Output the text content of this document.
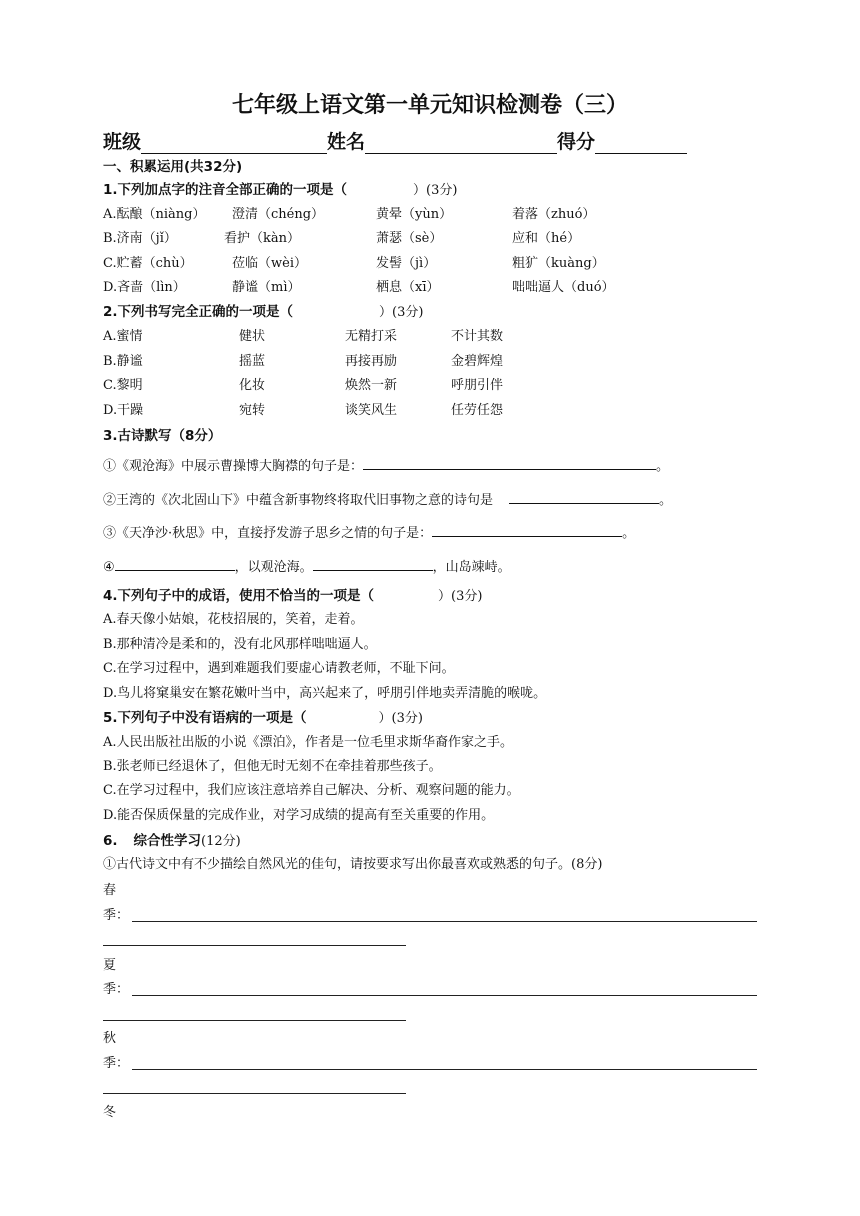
七年级上语文第一单元知识检测卷（三）
班级	姓名	得分
一、积累运用(共32分)
1.下列加点字的注音全部正确的一项是（	）(3分)
A.酝酿（niàng） 澄清（chéng）	黄晕（yùn）	着落（zhuó）
B.济南（jǐ）	看护（kàn）	萧瑟（sè）	应和（hé）
C.贮蓄（chù）	莅临（wèi）	发髻（jì）	粗犷（kuàng）
D.吝啬（lìn）	静谧（mì）	栖息（xī）	咄咄逼人（duó）
2.下列书写完全正确的一项是（	）(3分)
A.蜜情	健状	无精打采	不计其数
B.静谧	摇蓝	再接再励	金碧辉煌
C.黎明	化妆	焕然一新	呼朋引伴
D.干躁	宛转	谈笑风生	任劳任怨
3.古诗默写（8分）
①《观沧海》中展示曹操博大胸襟的句子是：	。
②王湾的《次北固山下》中蕴含新事物终将取代旧事物之意的诗句是	。
③《天净沙·秋思》中，直接抒发游子思乡之情的句子是：	。
④	，以观沧海。	，山岛竦峙。
4.下列句子中的成语，使用不恰当的一项是（	）(3分)
A.春天像小姑娘，花枝招展的，笑着，走着。
B.那种清冷是柔和的，没有北风那样咄咄逼人。
C.在学习过程中，遇到难题我们要虚心请教老师，不耻下问。
D.鸟儿将窠巢安在繁花嫩叶当中，高兴起来了，呼朋引伴地卖弄清脆的喉咙。
5.下列句子中没有语病的一项是（	）(3分)
A.人民出版社出版的小说《漂泊》，作者是一位毛里求斯华裔作家之手。
B.张老师已经退休了，但他无时无刻不在牵挂着那些孩子。
C.在学习过程中，我们应该注意培养自己解决、分析、观察问题的能力。
D.能否保质保量的完成作业，对学习成绩的提高有至关重要的作用。
6. 综合性学习(12分)
①古代诗文中有不少描绘自然风光的佳句，请按要求写出你最喜欢或熟悉的句子。(8分)
春
季：
夏
季：
秋
季：
冬
